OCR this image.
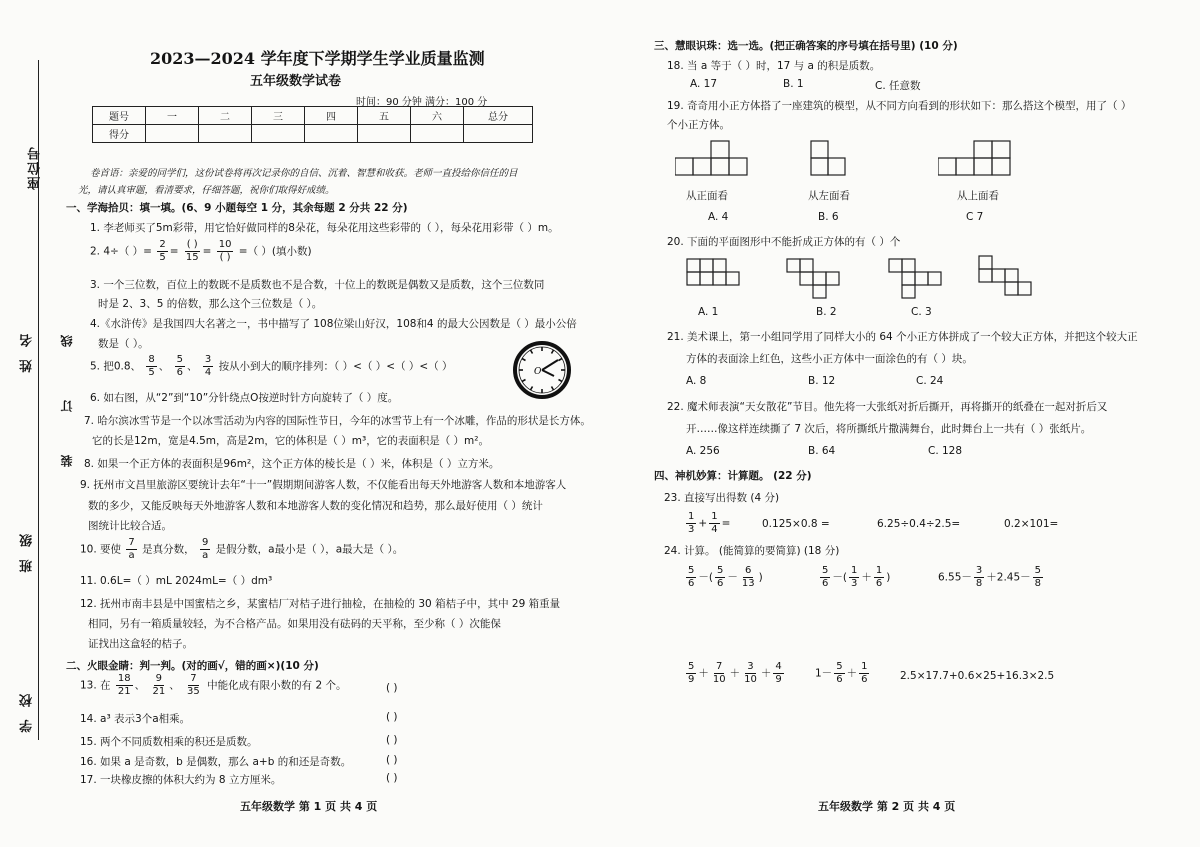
座位号
姓 名
班 级
学 校
线
订
装
2023—2024 学年度下学期学生学业质量监测
五年级数学试卷
时间：90 分钟 满分：100 分
题号	一	二	三	四	五	六	总分
得分							
卷首语：亲爱的同学们，这份试卷将再次记录你的自信、沉着、智慧和收获。老师一直投给你信任的目
光，请认真审题，看清要求，仔细答题，祝你们取得好成绩。
一、学海拾贝：填一填。(6、9 小题每空 1 分，其余每题 2 分共 22 分)
1. 李老师买了5m彩带，用它恰好做同样的8朵花，每朵花用这些彩带的（ ），每朵花用彩带（ ）m。
2. 4÷（ ）= $\frac{2}{5} = \frac{( )}{15} = \frac{10}{( )}$ =（ ）(填小数)
3. 一个三位数，百位上的数既不是质数也不是合数，十位上的数既是偶数又是质数，这个三位数同
时是 2、3、5 的倍数，那么这个三位数是（ ）。
4.《水浒传》是我国四大名著之一，书中描写了 108位梁山好汉，108和4 的最大公因数是（ ）最小公倍
数是（ ）。
5. 把0.8、 $\frac{8}{5}$ 、 $\frac{5}{6}$ 、 $\frac{3}{4}$ 按从小到大的顺序排列：（ ）<（ ）<（ ）<（ ）
6. 如右图，从“2”到“10”分针绕点O按逆时针方向旋转了（ ）度。
O
7. 哈尔滨冰雪节是一个以冰雪活动为内容的国际性节日，今年的冰雪节上有一个冰雕，作品的形状是长方体。
它的长是12m，宽是4.5m，高是2m，它的体积是（ ）m³，它的表面积是（ ）m²。
8. 如果一个正方体的表面积是96m²，这个正方体的棱长是（ ）米，体积是（ ）立方米。
9. 抚州市文昌里旅游区要统计去年“十一”假期期间游客人数，不仅能看出每天外地游客人数和本地游客人
数的多少，又能反映每天外地游客人数和本地游客人数的变化情况和趋势，那么最好使用（ ）统计
图统计比较合适。
10. 要使 $\frac{7}{a}$ 是真分数， $\frac{9}{a}$ 是假分数，a最小是（ ），a最大是（ ）。
11. 0.6L=（ ）mL 2024mL=（ ）dm³
12. 抚州市南丰县是中国蜜桔之乡，某蜜桔厂对桔子进行抽检，在抽检的 30 箱桔子中，其中 29 箱重量
相同，另有一箱质量较轻，为不合格产品。如果用没有砝码的天平称，至少称（ ）次能保
证找出这盒轻的桔子。
二、火眼金睛：判一判。(对的画√，错的画×)(10 分)
13. 在 $\frac{18}{21}$ 、 $\frac{9}{21}$ 、 $\frac{7}{35}$ 中能化成有限小数的有 2 个。	( )
14. a³ 表示3个a相乘。	( )
15. 两个不同质数相乘的积还是质数。	( )
16. 如果 a 是奇数，b 是偶数，那么 a+b 的和还是奇数。	( )
17. 一块橡皮擦的体积大约为 8 立方厘米。	( )
五年级数学 第 1 页 共 4 页
三、慧眼识珠：选一选。(把正确答案的序号填在括号里) (10 分)
18. 当 a 等于（ ）时，17 与 a 的积是质数。
A. 17	B. 1	C. 任意数
19. 奇奇用小正方体搭了一座建筑的模型，从不同方向看到的形状如下：那么搭这个模型，用了（ ）
个小正方体。
从正面看	从左面看	从上面看
A. 4	B. 6	C 7
20. 下面的平面图形中不能折成正方体的有（ ）个
A. 1	B. 2	C. 3
21. 美术课上，第一小组同学用了同样大小的 64 个小正方体拼成了一个较大正方体，并把这个较大正
方体的表面涂上红色，这些小正方体中一面涂色的有（ ）块。
A. 8	B. 12	C. 24
22. 魔术师表演“天女散花”节目。他先将一大张纸对折后撕开，再将撕开的纸叠在一起对折后又
开……像这样连续撕了 7 次后，将所撕纸片撒满舞台，此时舞台上一共有（ ）张纸片。
A. 256	B. 64	C. 128
四、神机妙算：计算题。 (22 分)
23. 直接写出得数 (4 分)
$\frac{1}{3} + \frac{1}{4}$ =	0.125×0.8 =	6.25÷0.4÷2.5=	0.2×101=
24. 计算。 (能简算的要简算) (18 分)
$\frac{5}{6}$ －( $\frac{5}{6} - \frac{6}{13}$ )	$\frac{5}{6}$ －( $\frac{1}{3} + \frac{1}{6}$ )	$6.55- \frac{3}{8} +2.45- \frac{5}{8}$
$\frac{5}{9} + \frac{7}{10} + \frac{3}{10} + \frac{4}{9}$	$1- \frac{5}{6} + \frac{1}{6}$	2.5×17.7+0.6×25+16.3×2.5
五年级数学 第 2 页 共 4 页
